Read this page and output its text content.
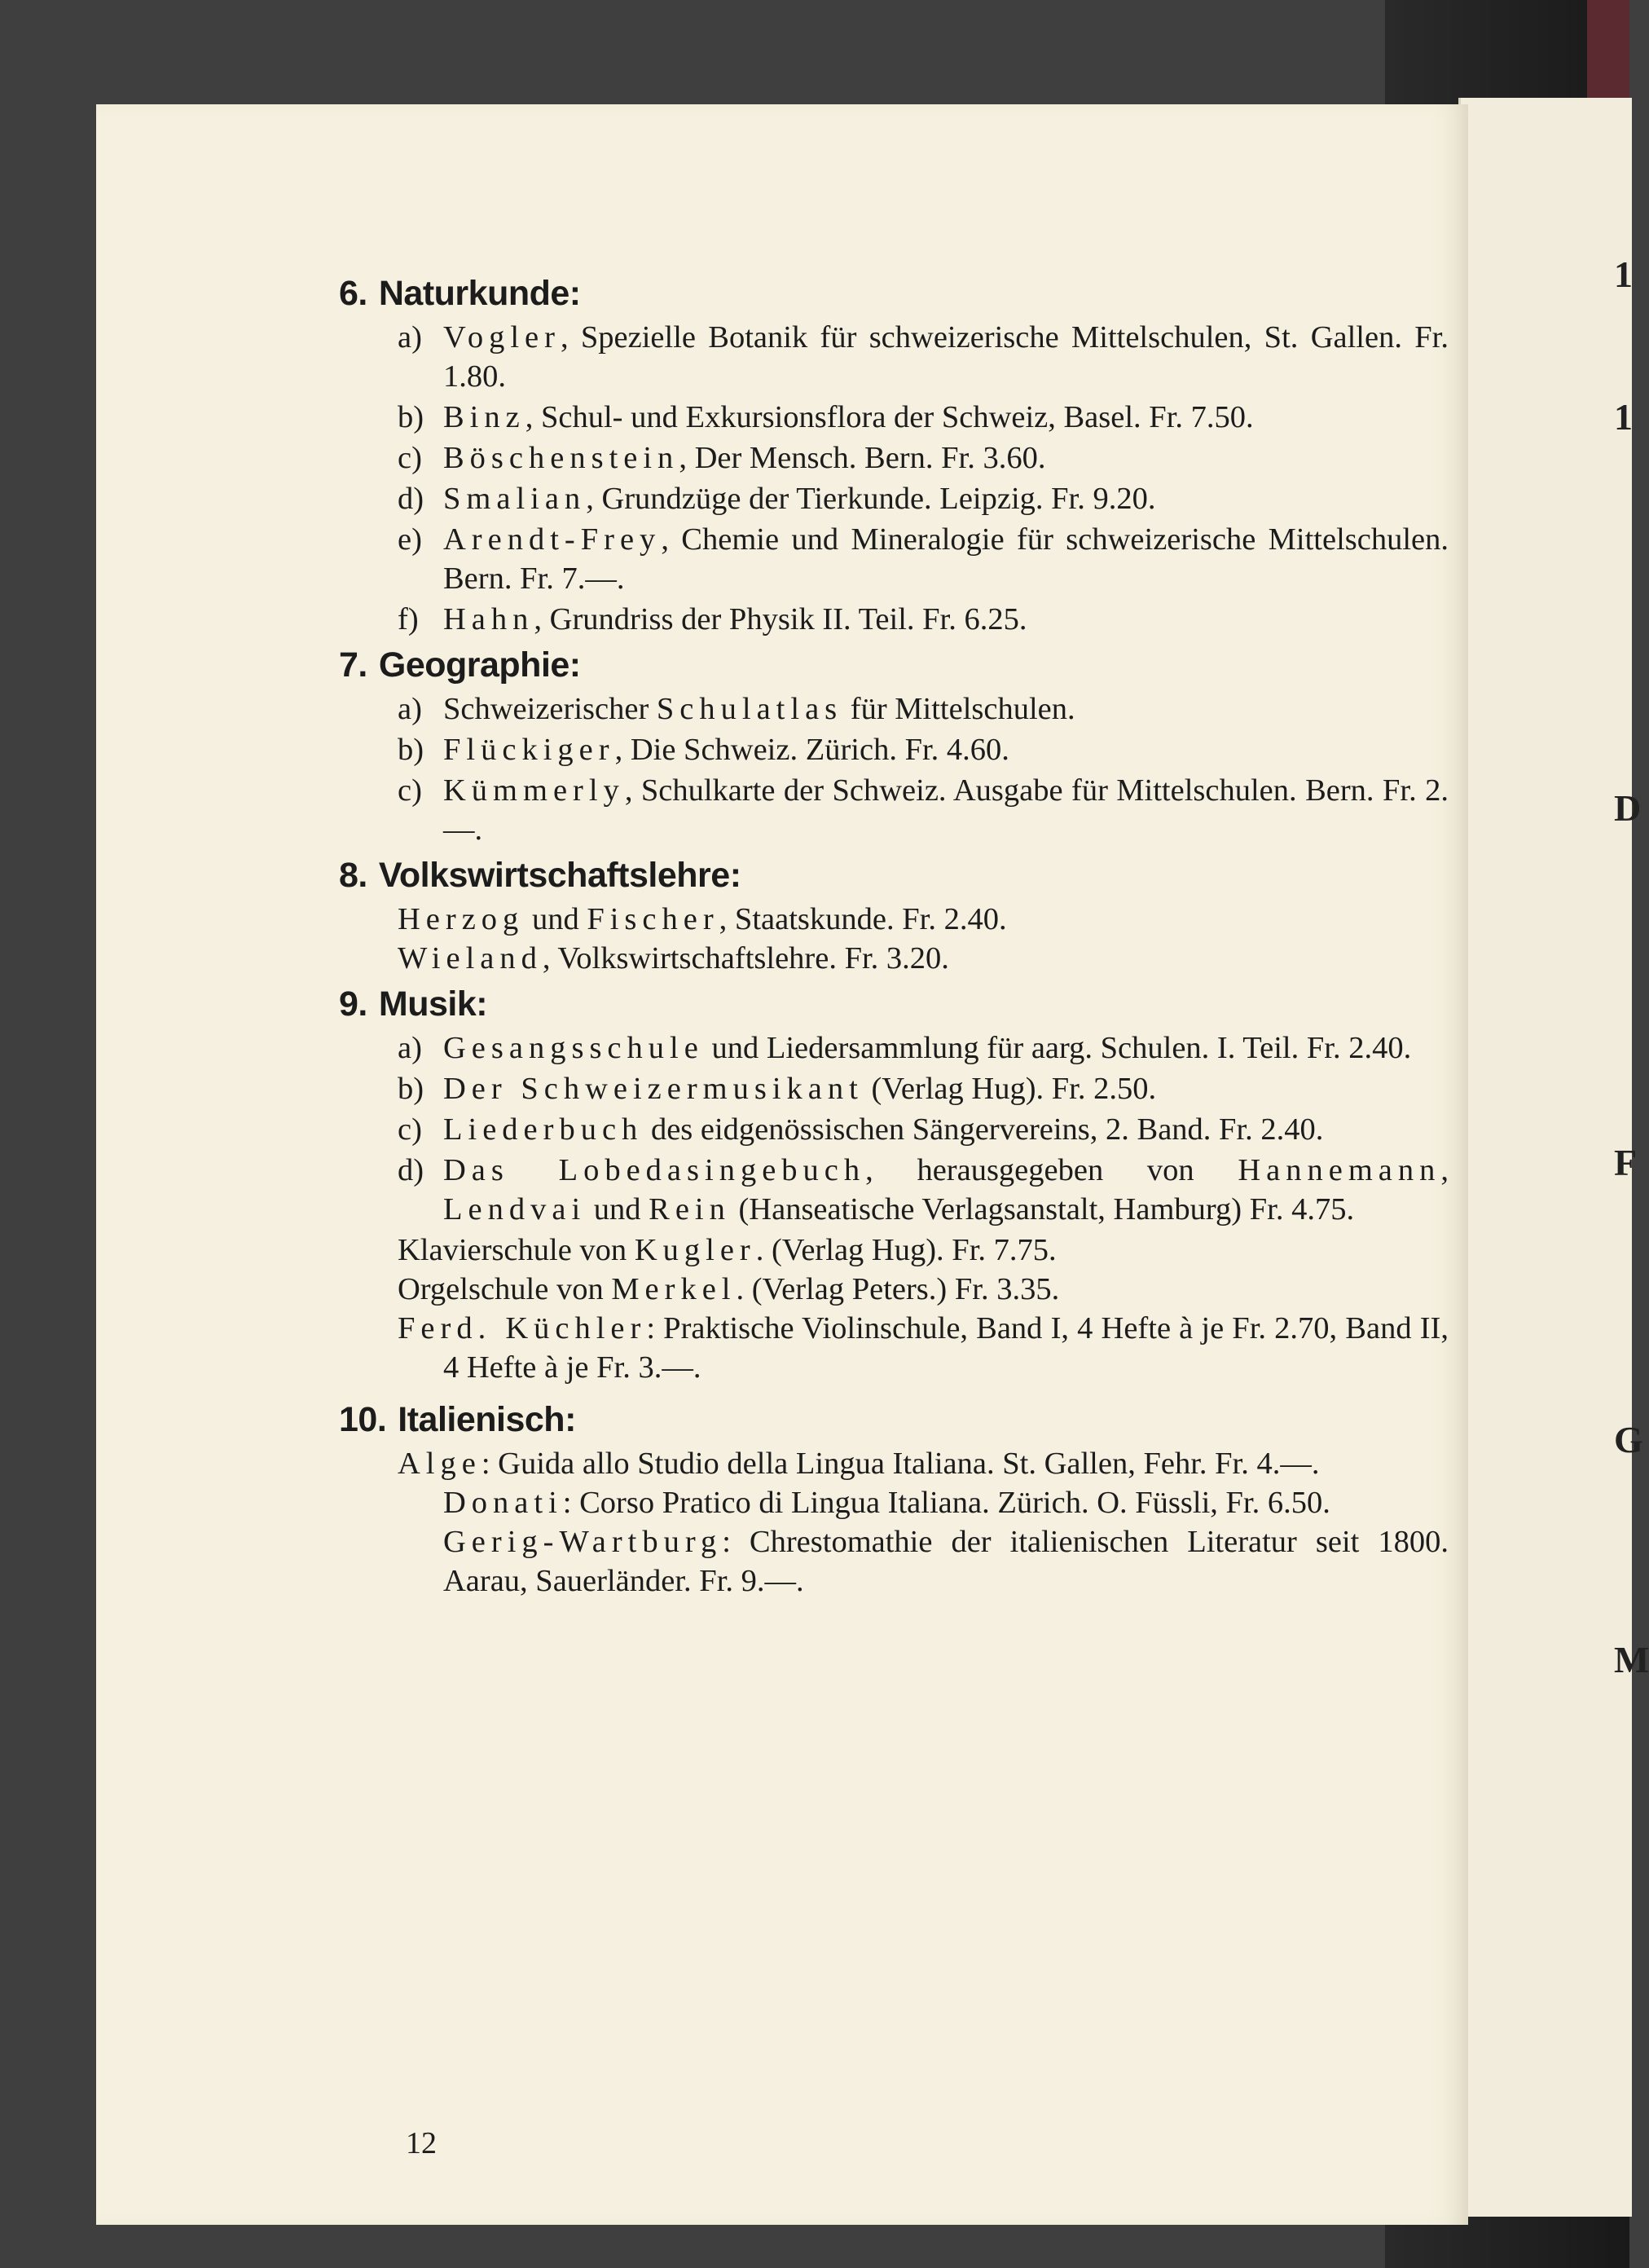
1
1
D
F
G
M
6. Naturkunde:
a) Vogler, Spezielle Botanik für schweizerische Mittelschulen, St. Gallen. Fr. 1.80.
b) Binz, Schul- und Exkursionsflora der Schweiz, Basel. Fr. 7.50.
c) Böschenstein, Der Mensch. Bern. Fr. 3.60.
d) Smalian, Grundzüge der Tierkunde. Leipzig. Fr. 9.20.
e) Arendt-Frey, Chemie und Mineralogie für schweizerische Mittelschulen. Bern. Fr. 7.—.
f) Hahn, Grundriss der Physik II. Teil. Fr. 6.25.
7. Geographie:
a) Schweizerischer Schulatlas für Mittelschulen.
b) Flückiger, Die Schweiz. Zürich. Fr. 4.60.
c) Kümmerly, Schulkarte der Schweiz. Ausgabe für Mittelschulen. Bern. Fr. 2.—.
8. Volkswirtschaftslehre:
Herzog und Fischer, Staatskunde. Fr. 2.40.
Wieland, Volkswirtschaftslehre. Fr. 3.20.
9. Musik:
a) Gesangsschule und Liedersammlung für aarg. Schulen. I. Teil. Fr. 2.40.
b) Der Schweizermusikant (Verlag Hug). Fr. 2.50.
c) Liederbuch des eidgenössischen Sängervereins, 2. Band. Fr. 2.40.
d) Das Lobedasingebuch, herausgegeben von Hannemann, Lendvai und Rein (Hanseatische Verlagsanstalt, Hamburg) Fr. 4.75.
Klavierschule von Kugler. (Verlag Hug). Fr. 7.75.
Orgelschule von Merkel. (Verlag Peters.) Fr. 3.35.
Ferd. Küchler: Praktische Violinschule, Band I, 4 Hefte à je Fr. 2.70, Band II, 4 Hefte à je Fr. 3.—.
10. Italienisch:
Alge: Guida allo Studio della Lingua Italiana. St. Gallen, Fehr. Fr. 4.—.
Donati: Corso Pratico di Lingua Italiana. Zürich. O. Füssli, Fr. 6.50.
Gerig-Wartburg: Chrestomathie der italienischen Literatur seit 1800. Aarau, Sauerländer. Fr. 9.—.
12
